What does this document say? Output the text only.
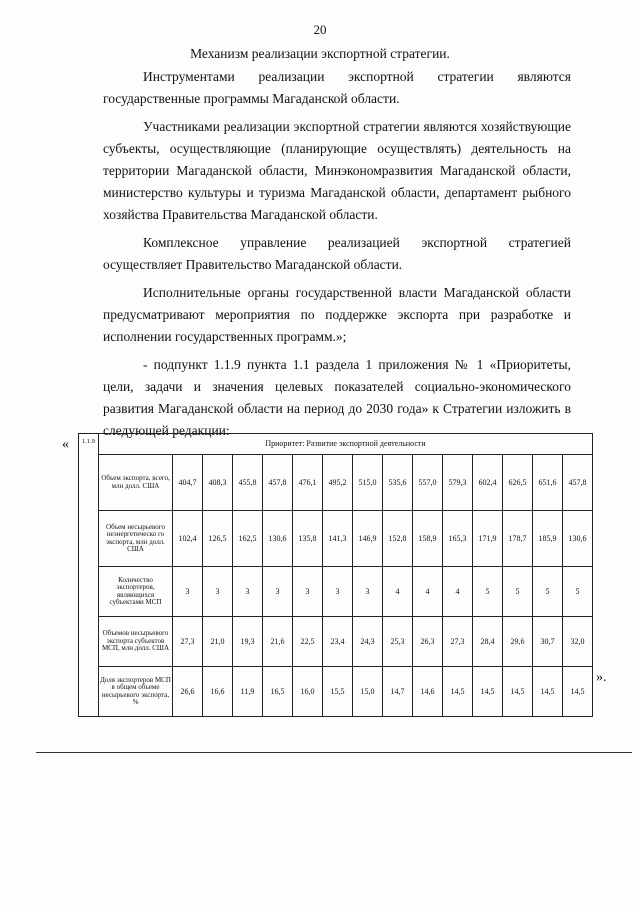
20
Механизм реализации экспортной стратегии.

Инструментами реализации экспортной стратегии являются государственные программы Магаданской области.

Участниками реализации экспортной стратегии являются хозяйствующие субъекты, осуществляющие (планирующие осуществлять) деятельность на территории Магаданской области, Минэкономразвития Магаданской области, министерство культуры и туризма Магаданской области, департамент рыбного хозяйства Правительства Магаданской области.

Комплексное управление реализацией экспортной стратегией осуществляет Правительство Магаданской области.

Исполнительные органы государственной власти Магаданской области предусматривают мероприятия по поддержке экспорта при разработке и исполнении государственных программ.»;

- подпункт 1.1.9 пункта 1.1 раздела 1 приложения № 1 «Приоритеты, цели, задачи и значения целевых показателей социально-экономического развития Магаданской области на период до 2030 года» к Стратегии изложить в следующей редакции:

« 1.1.9	Приоритет: Развитие экспортной деятельности														
	Объем экспорта, всего, млн долл. США	404,7	408,3	455,8	457,8	476,1	495,2	515,0	535,6	557,0	579,3	602,4	626,5	651,6	457,8
	Объем несырьевого неэнергетическо го экспорта, млн долл. США	102,4	126,5	162,5	130,6	135,8	141,3	146,9	152,8	158,9	165,3	171,9	178,7	185,9	130,6
	Количество экспортеров, являющихся субъектами МСП	3	3	3	3	3	3	3	4	4	4	5	5	5	5
	Объемов несырьевого экспорта субъектов МСП, млн долл. США	27,3	21,0	19,3	21,6	22,5	23,4	24,3	25,3	26,3	27,3	28,4	29,6	30,7	32,0
	Доля экспортеров МСП в общем объеме несырьевого экспорта, %	26,6	16,6	11,9	16,5	16,0	15,5	15,0	14,7	14,6	14,5	14,5	14,5	14,5	14,5
».
